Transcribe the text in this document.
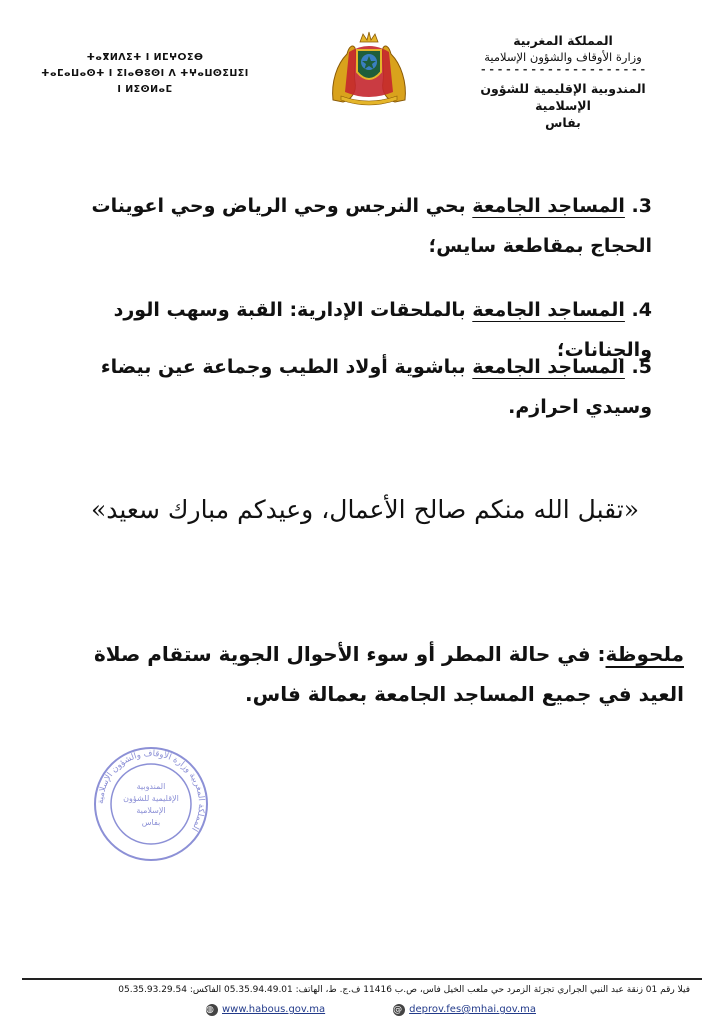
المملكة المغربية
وزارة الأوقاف والشؤون الإسلامية
- - - - - - - - - - - - - - - - - - - -
المندوبية الإقليمية للشؤون الإسلامية
بفاس
ⵜⴰⴳⵍⴷⵉⵜ ⵏ ⵍⵎⵖⵔⵉⴱ
ⵜⴰⵎⴰⵡⴰⵙⵜ ⵏ ⵉⵏⴰⴱⵓⵙⵏ ⴷ ⵜⵖⴰⵡⵙⵉⵡⵉⵏ ⵏ ⵍⵉⵙⵍⴰⵎ
3. المساجد الجامعة بحي النرجس وحي الرياض وحي اعوينات الحجاج بمقاطعة سايس؛
4. المساجد الجامعة بالملحقات الإدارية: القبة وسهب الورد والجنانات؛
5. المساجد الجامعة بباشوية أولاد الطيب وجماعة عين بيضاء وسيدي احرازم.
«تقبل الله منكم صالح الأعمال، وعيدكم مبارك سعيد»
ملحوظة: في حالة المطر أو سوء الأحوال الجوية ستقام صلاة العيد في جميع المساجد الجامعة بعمالة فاس.
المملكة المغربية وزارة الأوقاف والشؤون الإسلامية
المندوبية
الإقليمية للشؤون
الإسلامية
بفاس
فيلا رقم 01 زنقة عبد النبي الجراري تجزئة الزمرد حي ملعب الخيل فاس، ص.ب 11416 ف.ج. ط، الهاتف: 05.35.94.49.01 الفاكس: 05.35.93.29.54
◍ www.habous.gov.ma	@ deprov.fes@mhai.gov.ma
